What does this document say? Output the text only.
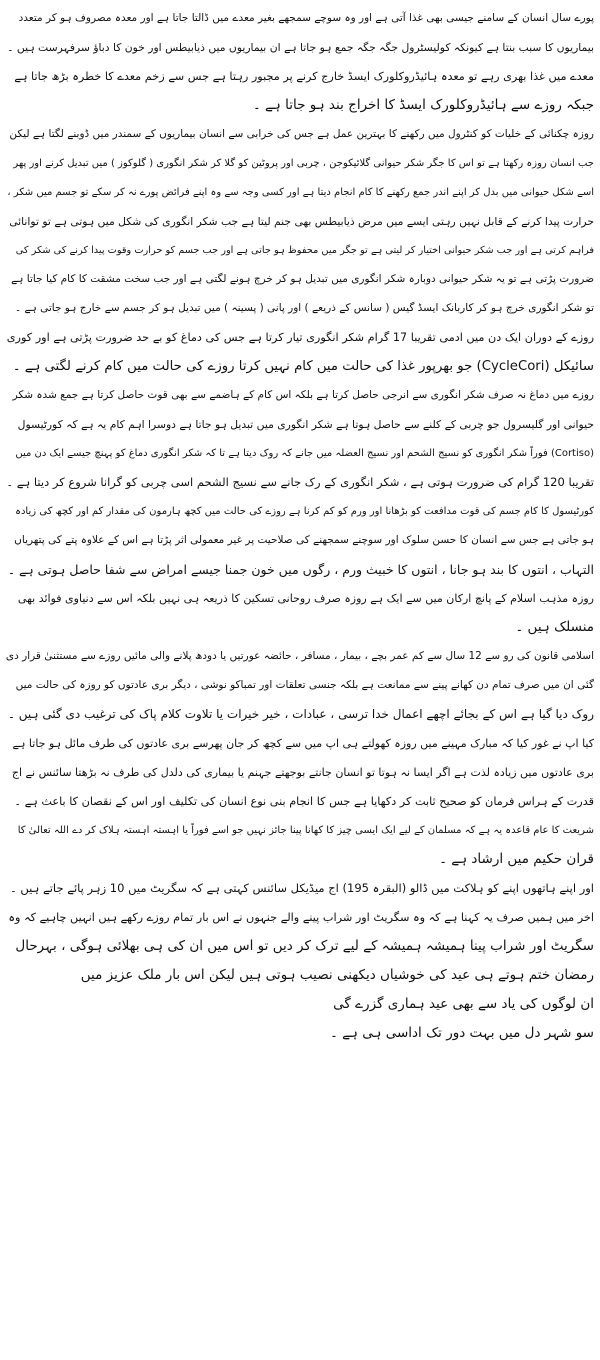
پورے سال انسان کے سامنے جیسی بھی غذا آتی ہے اور وہ سوچے سمجھے بغیر معدے میں ڈالتا جاتا ہے اور معدہ مصروف ہو کر متعدد
بیماریوں کا سبب بنتا ہے کیونکہ کولیسٹرول جگہ جگہ جمع ہو جاتا ہے ان بیماریوں میں ذیابیطس اور خون کا دباؤ سرفہرست ہیں ۔
معدے میں غذا بھری رہے تو معدہ ہائیڈروکلورک ایسڈ خارج کرنے پر مجبور رہتا ہے جس سے زخم معدے کا خطرہ بڑھ جاتا ہے
جبکہ روزے سے ہائیڈروکلورک ایسڈ کا اخراج بند ہو جاتا ہے ۔
روزہ چکنائی کے خلیات کو کنٹرول میں رکھنے کا بہترین عمل ہے جس کی خرابی سے انسان بیماریوں کے سمندر میں ڈوبنے لگتا ہے لیکن
جب انسان روزہ رکھتا ہے تو اس کا جگر شکر حیوانی گلائیکوجن ، چربی اور پروٹین کو گلا کر شکر انگوری ( گلوکوز ) میں تبدیل کرنے اور پھر
اسے شکل حیوانی میں بدل کر اپنے اندر جمع رکھنے کا کام انجام دیتا ہے اور کسی وجہ سے وہ اپنے فرائض پورے نہ کر سکے تو جسم میں شکر ،
حرارت پیدا کرنے کے قابل نہیں رہتی ایسے میں مرض ذیابیطس بھی جنم لیتا ہے جب شکر انگوری کی شکل میں ہوتی ہے تو توانائی
فراہم کرتی ہے اور جب شکر حیوانی اختیار کر لیتی ہے تو جگر میں محفوظ ہو جاتی ہے اور جب جسم کو حرارت وقوت پیدا کرنے کی شکر کی
ضرورت پڑتی ہے تو یہ شکر حیوانی دوبارہ شکر انگوری میں تبدیل ہو کر خرچ ہونے لگتی ہے اور جب سخت مشقت کا کام کیا جاتا ہے
تو شکر انگوری خرچ ہو کر کاربانک ایسڈ گیس ( سانس کے ذریعے ) اور پانی ( پسینہ ) میں تبدیل ہو کر جسم سے خارج ہو جاتی ہے ۔
روزے کے دوران ایک دن میں ادمی تقریبا 17 گرام شکر انگوری تیار کرتا ہے جس کی دماغ کو بے حد ضرورت پڑتی ہے اور کوری
سائیکل (CycleCori) جو بھرپور غذا کی حالت میں کام نہیں کرتا روزے کی حالت میں کام کرنے لگتی ہے ۔
روزے میں دماغ نہ صرف شکر انگوری سے انرجی حاصل کرتا ہے بلکہ اس کام کے ہاضمے سے بھی قوت حاصل کرتا ہے جمع شدہ شکر
حیوانی اور گلیسرول جو چربی کے کلنے سے حاصل ہوتا ہے شکر انگوری میں تبدیل ہو جاتا ہے دوسرا اہم کام یہ ہے کہ کورٹیسول
(Cortiso) فوراً شکر انگوری کو نسیج الشحم اور نسیج العضلہ میں جانے کہ روک دیتا ہے تا کہ شکر انگوری دماغ کو پہنچ جیسے ایک دن میں
تقریبا 120 گرام کی ضرورت ہوتی ہے ، شکر انگوری کے رک جانے سے نسیج الشحم اسی چربی کو گرانا شروع کر دیتا ہے ۔
کورٹیسول کا کام جسم کی قوت مدافعت کو بڑھانا اور ورم کو کم کرنا ہے روزے کی حالت میں کچھ ہارمون کی مقدار کم اور کچھ کی زیادہ
ہو جاتی ہے جس سے انسان کا حسن سلوک اور سوچنے سمجھنے کی صلاحیت پر غیر معمولی اثر پڑتا ہے اس کے علاوہ پتے کی پتھریاں
التہاب ، انتوں کا بند ہو جانا ، انتوں کا خبیث ورم ، رگوں میں خون جمنا جیسے امراض سے شفا حاصل ہوتی ہے ۔
روزہ مذہب اسلام کے پانچ ارکان میں سے ایک ہے روزہ صرف روحانی تسکین کا ذریعہ ہی نہیں بلکہ اس سے دنیاوی فوائد بھی
منسلک ہیں ۔
اسلامی قانون کی رو سے 12 سال سے کم عمر بچے ، بیمار ، مسافر ، حائضہ عورتیں یا دودھ پلانے والی مائیں روزے سے مستثنیٰ قرار دی
گئی ان میں صرف تمام دن کھانے پینے سے ممانعت ہے بلکہ جنسی تعلقات اور تمباکو نوشی ، دیگر بری عادتوں کو روزہ کی حالت میں
روک دیا گیا ہے اس کے بجائے اچھے اعمال خدا ترسی ، عبادات ، خیر خیرات یا تلاوت کلام پاک کی ترغیب دی گئی ہیں ۔
کیا اپ نے غور کیا کہ مبارک مہینے میں روزہ کھولتے ہی اپ میں سے کچھ کر جان پھرسے بری عادتوں کی طرف مائل ہو جاتا ہے
بری عادتوں میں زیادہ لذت ہے اگر ایسا نہ ہوتا تو انسان جانتے بوجھتے جہنم یا بیماری کی دلدل کی طرف نہ بڑھتا سائنس نے اج
قدرت کے ہراس فرمان کو صحیح ثابت کر دکھایا ہے جس کا انجام بنی نوع انسان کی تکلیف اور اس کے نقصان کا باعث ہے ۔
شریعت کا عام قاعدہ یہ ہے کہ مسلمان کے لیے ایک ایسی چیز کا کھانا پینا جائز نہیں جو اسے فوراً یا اہستہ اہستہ ہلاک کر دے اللہ تعالیٰ کا
قران حکیم میں ارشاد ہے ۔
اور اپنے ہاتھوں اپنے کو ہلاکت میں ڈالو (البقرہ 195) اج میڈیکل سائنس کہتی ہے کہ سگریٹ میں 10 زہر پائے جاتے ہیں ۔
اخر میں ہمیں صرف یہ کہنا ہے کہ وہ سگریٹ اور شراب پینے والے جنہوں نے اس بار تمام روزے رکھے ہیں انہیں چاہیے کہ وہ
سگریٹ اور شراب پینا ہمیشہ ہمیشہ کے لیے ترک کر دیں تو اس میں ان کی ہی بھلائی ہوگی ، بہرحال
رمضان ختم ہوتے ہی عید کی خوشیاں دیکھنی نصیب ہوتی ہیں لیکن اس بار ملک عزیز میں
ان لوگوں کی یاد سے بھی عید ہماری گزرے گی
سو شہر دل میں بہت دور تک اداسی ہی ہے ۔
